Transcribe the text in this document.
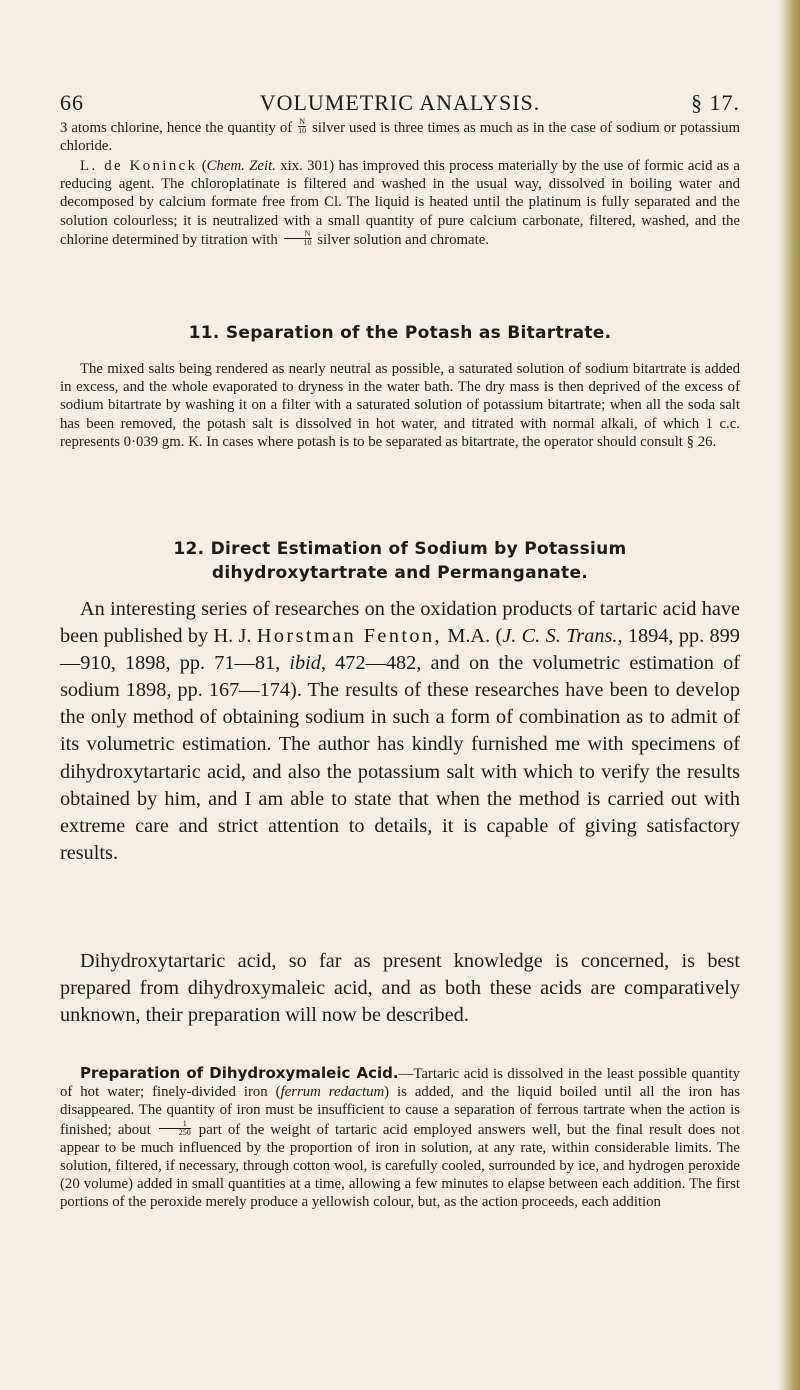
66	VOLUMETRIC ANALYSIS.	§ 17.

3 atoms chlorine, hence the quantity of $\frac{N}{10}$ silver used is three times as much as in the case of sodium or potassium chloride.

L. de Koninck (Chem. Zeit. xix. 301) has improved this process materially by the use of formic acid as a reducing agent. The chloroplatinate is filtered and washed in the usual way, dissolved in boiling water and decomposed by calcium formate free from Cl. The liquid is heated until the platinum is fully separated and the solution colourless; it is neutralized with a small quantity of pure calcium carbonate, filtered, washed, and the chlorine determined by titration with $\frac{N}{10}$ silver solution and chromate.

11. Separation of the Potash as Bitartrate.

The mixed salts being rendered as nearly neutral as possible, a saturated solution of sodium bitartrate is added in excess, and the whole evaporated to dryness in the water bath. The dry mass is then deprived of the excess of sodium bitartrate by washing it on a filter with a saturated solution of potassium bitartrate; when all the soda salt has been removed, the potash salt is dissolved in hot water, and titrated with normal alkali, of which 1 c.c. represents 0·039 gm. K. In cases where potash is to be separated as bitartrate, the operator should consult § 26.

12. Direct Estimation of Sodium by Potassium
dihydroxytartrate and Permanganate.

An interesting series of researches on the oxidation products of tartaric acid have been published by H. J. Horstman Fenton, M.A. (J. C. S. Trans., 1894, pp. 899—910, 1898, pp. 71—81, ibid, 472—482, and on the volumetric estimation of sodium 1898, pp. 167—174). The results of these researches have been to develop the only method of obtaining sodium in such a form of combination as to admit of its volumetric estimation. The author has kindly furnished me with specimens of dihydroxytartaric acid, and also the potassium salt with which to verify the results obtained by him, and I am able to state that when the method is carried out with extreme care and strict attention to details, it is capable of giving satisfactory results.

Dihydroxytartaric acid, so far as present knowledge is concerned, is best prepared from dihydroxymaleic acid, and as both these acids are comparatively unknown, their preparation will now be described.

Preparation of Dihydroxymaleic Acid.—Tartaric acid is dissolved in the least possible quantity of hot water; finely-divided iron (ferrum redactum) is added, and the liquid boiled until all the iron has disappeared. The quantity of iron must be insufficient to cause a separation of ferrous tartrate when the action is finished; about $\frac{1}{250}$ part of the weight of tartaric acid employed answers well, but the final result does not appear to be much influenced by the proportion of iron in solution, at any rate, within considerable limits. The solution, filtered, if necessary, through cotton wool, is carefully cooled, surrounded by ice, and hydrogen peroxide (20 volume) added in small quantities at a time, allowing a few minutes to elapse between each addition. The first portions of the peroxide merely produce a yellowish colour, but, as the action proceeds, each addition
